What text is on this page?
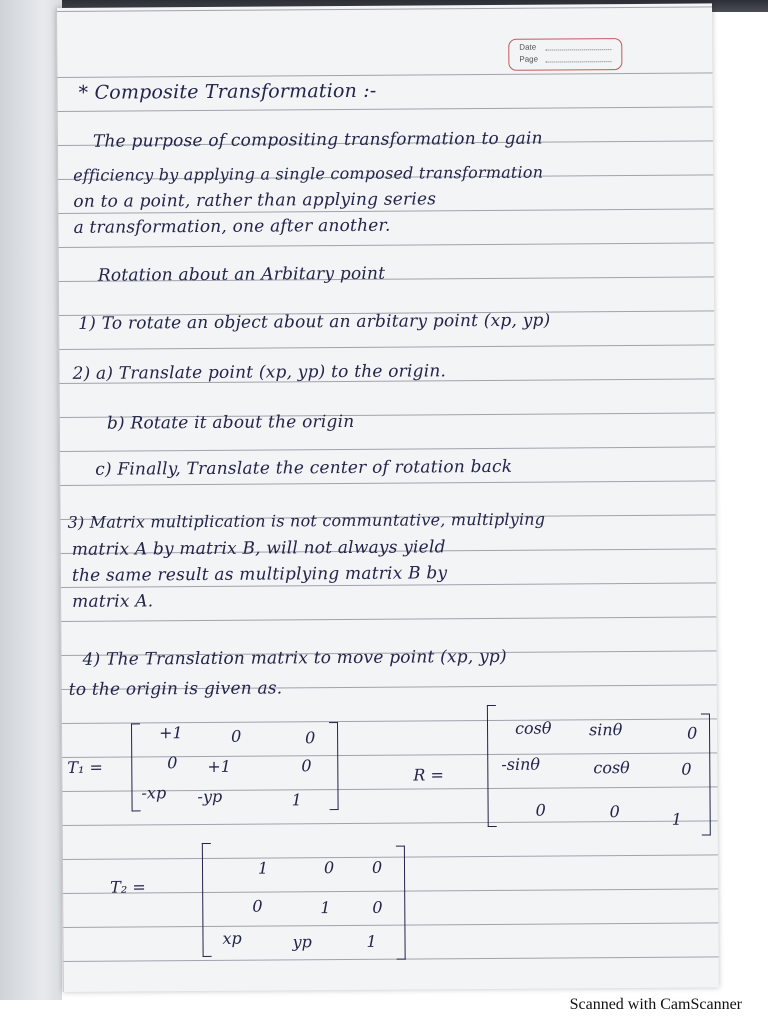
Date
Page
* Composite Transformation :-
The purpose of compositing transformation to gain
efficiency by applying a single composed transformation
on to a point, rather than applying series
a transformation, one after another.
Rotation about an Arbitary point
1) To rotate an object about an arbitary point (xp, yp)
2) a) Translate point (xp, yp) to the origin.
b) Rotate it about the origin
c) Finally, Translate the center of rotation back
3) Matrix multiplication is not communtative, multiplying
matrix A by matrix B, will not always yield
the same result as multiplying matrix B by
matrix A.
4) The Translation matrix to move point (xp, yp)
to the origin is given as.
T₁ =
+1	0	0
0 +1	0
-xp -yp	1
R =
cosθ sinθ	0
-sinθ	cosθ	0
0	0	1
T₂ =
1	0 0
0	1	0
xp	yp	1
Scanned with CamScanner
